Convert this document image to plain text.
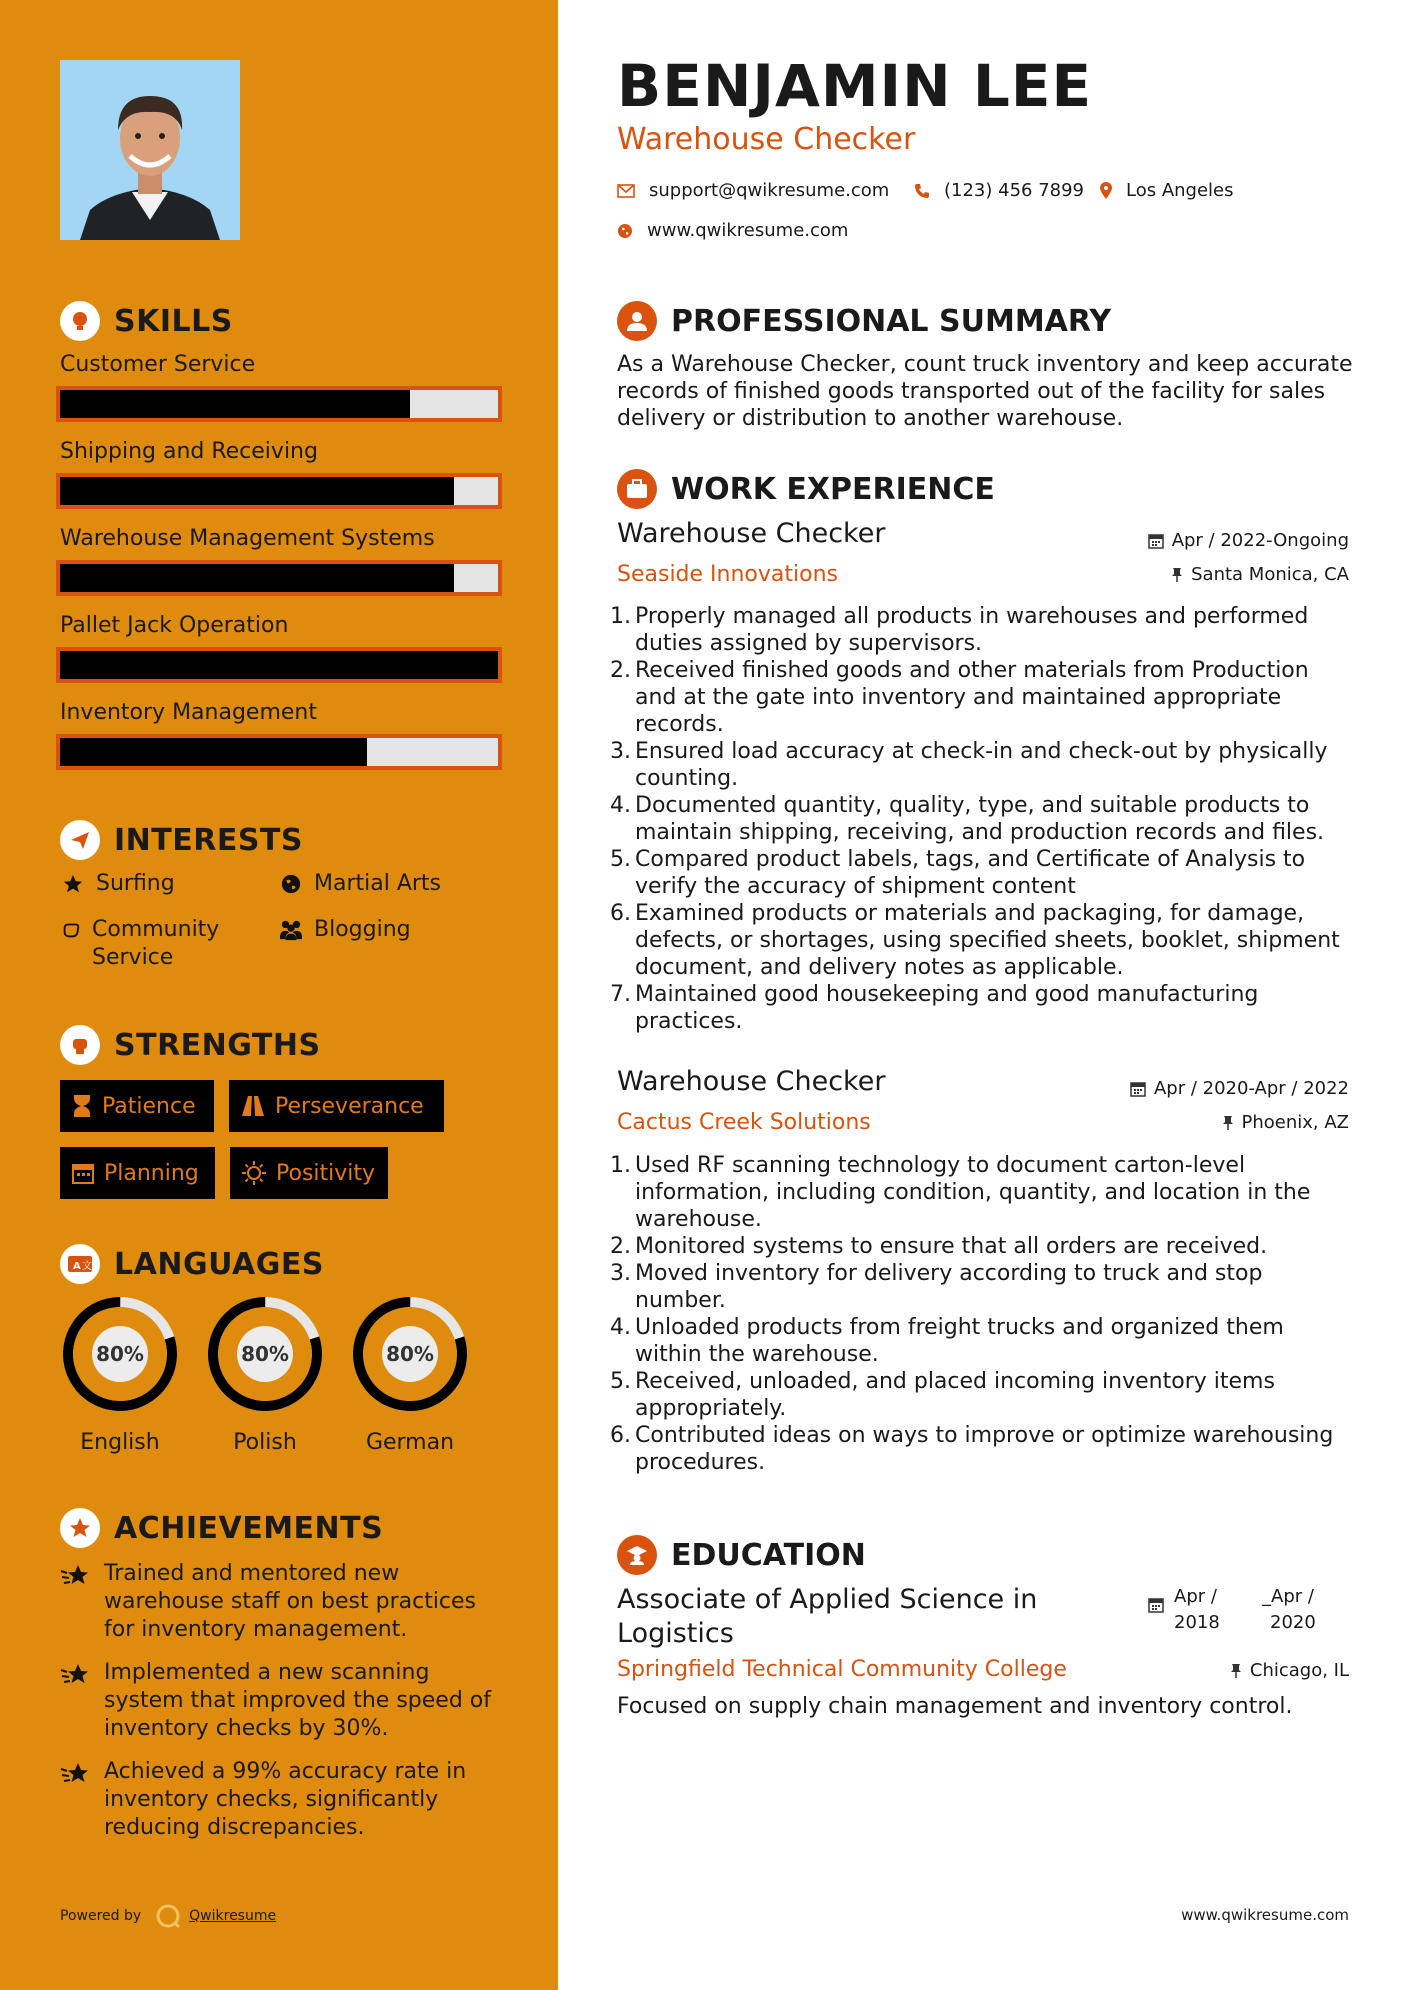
SKILLS
Customer Service
Shipping and Receiving
Warehouse Management Systems
Pallet Jack Operation
Inventory Management
INTERESTS
Surfing	Martial Arts
Community Service
Blogging
STRENGTHS
Patience	Perseverance
Planning	Positivity
A 文 LANGUAGES
80%
English
80%
Polish
80%
German
ACHIEVEMENTS
Trained and mentored new warehouse staff on best practices for inventory management.
Implemented a new scanning system that improved the speed of inventory checks by 30%.
Achieved a 99% accuracy rate in inventory checks, significantly reducing discrepancies.
Powered by	Qwikresume
BENJAMIN LEE
Warehouse Checker
support@qwikresume.com	(123) 456 7899 Los Angeles
www.qwikresume.com
PROFESSIONAL SUMMARY
As a Warehouse Checker, count truck inventory and keep accurate records of finished goods transported out of the facility for sales delivery or distribution to another warehouse.
WORK EXPERIENCE
Warehouse Checker	Apr / 2022-Ongoing
Seaside Innovations	Santa Monica, CA
Properly managed all products in warehouses and performed duties assigned by supervisors.
Received finished goods and other materials from Production and at the gate into inventory and maintained appropriate records.
Ensured load accuracy at check-in and check-out by physically counting.
Documented quantity, quality, type, and suitable products to maintain shipping, receiving, and production records and files.
Compared product labels, tags, and Certificate of Analysis to verify the accuracy of shipment content
Examined products or materials and packaging, for damage, defects, or shortages, using specified sheets, booklet, shipment document, and delivery notes as applicable.
Maintained good housekeeping and good manufacturing practices.
Warehouse Checker	Apr / 2020-Apr / 2022
Cactus Creek Solutions	Phoenix, AZ
Used RF scanning technology to document carton-level information, including condition, quantity, and location in the warehouse.
Monitored systems to ensure that all orders are received.
Moved inventory for delivery according to truck and stop number.
Unloaded products from freight trucks and organized them within the warehouse.
Received, unloaded, and placed incoming inventory items appropriately.
Contributed ideas on ways to improve or optimize warehousing procedures.
EDUCATION
Associate of Applied Science in Logistics
Apr /
2018
_Apr /
2020
Springfield Technical Community College	Chicago, IL
Focused on supply chain management and inventory control.
www.qwikresume.com
